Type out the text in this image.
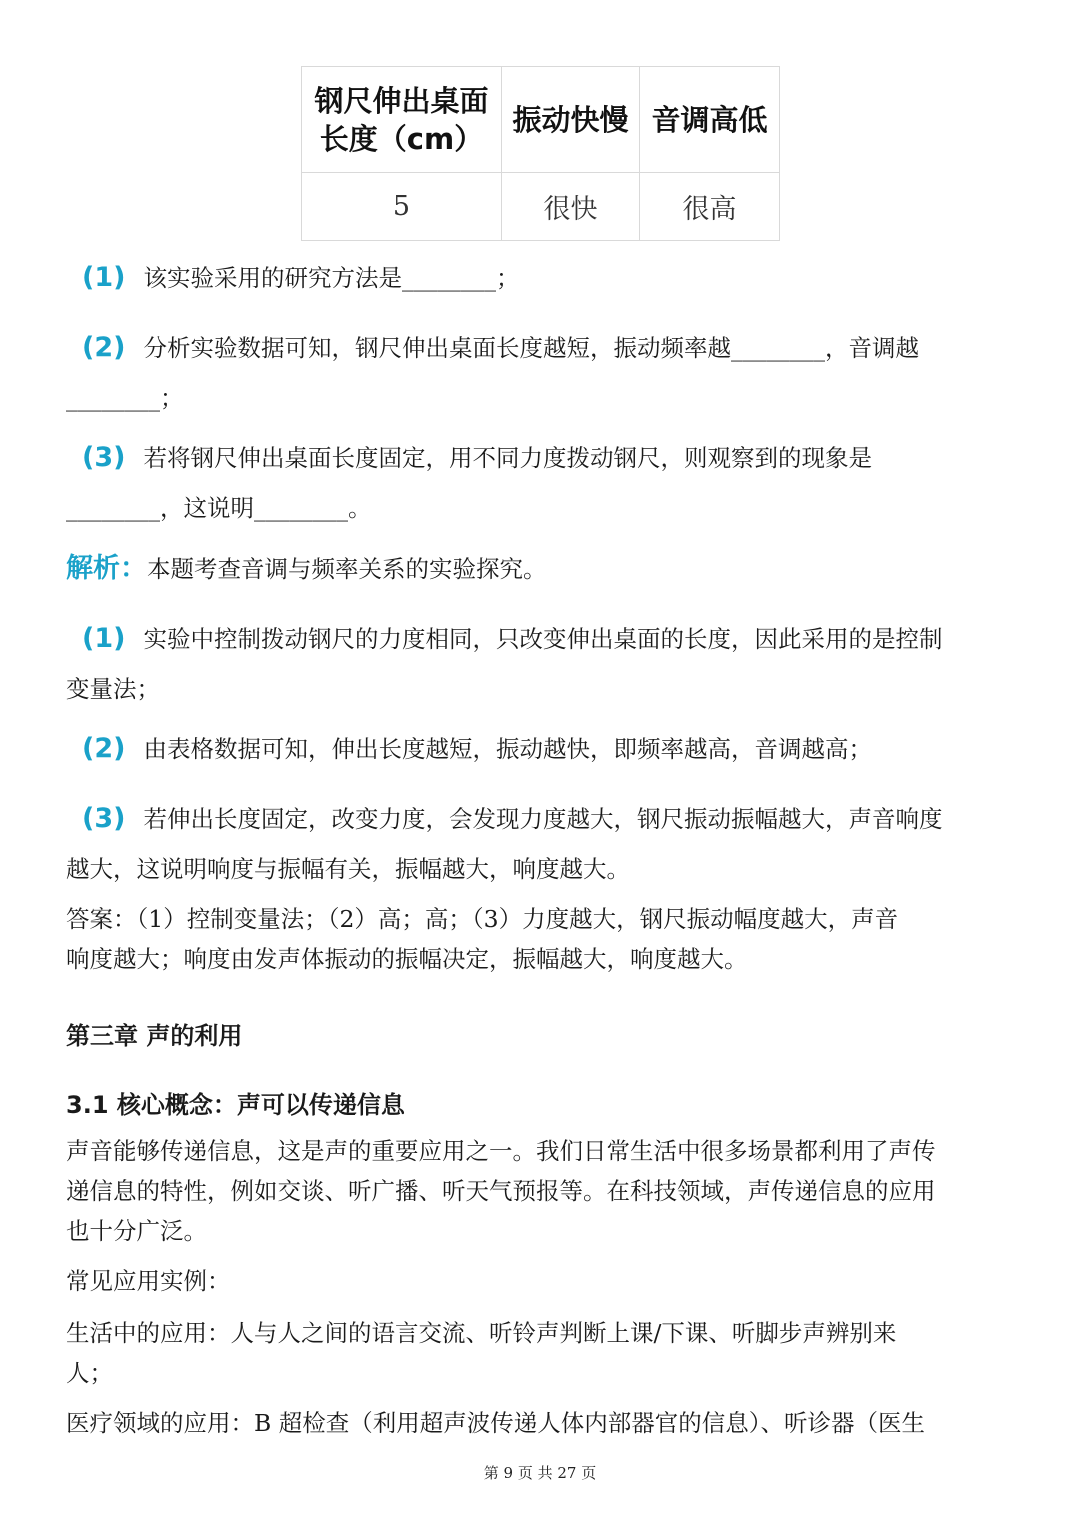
钢尺伸出桌面
长度（cm）	振动快慢	音调高低
5	很快	很高

(1) 该实验采用的研究方法是________；

(2) 分析实验数据可知，钢尺伸出桌面长度越短，振动频率越________，音调越

________；

(3) 若将钢尺伸出桌面长度固定，用不同力度拨动钢尺，则观察到的现象是

________，这说明________。

解析：本题考查音调与频率关系的实验探究。

(1) 实验中控制拨动钢尺的力度相同，只改变伸出桌面的长度，因此采用的是控制

变量法；

(2) 由表格数据可知，伸出长度越短，振动越快，即频率越高，音调越高；

(3) 若伸出长度固定，改变力度，会发现力度越大，钢尺振动振幅越大，声音响度

越大，这说明响度与振幅有关，振幅越大，响度越大。

答案：（1）控制变量法；（2）高；高；（3）力度越大，钢尺振动幅度越大，声音

响度越大；响度由发声体振动的振幅决定，振幅越大，响度越大。

第三章 声的利用
3.1 核心概念：声可以传递信息

声音能够传递信息，这是声的重要应用之一。我们日常生活中很多场景都利用了声传

递信息的特性，例如交谈、听广播、听天气预报等。在科技领域，声传递信息的应用

也十分广泛。

常见应用实例：

生活中的应用：人与人之间的语言交流、听铃声判断上课/下课、听脚步声辨别来

人；

医疗领域的应用：B 超检查（利用超声波传递人体内部器官的信息）、听诊器（医生

第 9 页 共 27 页
